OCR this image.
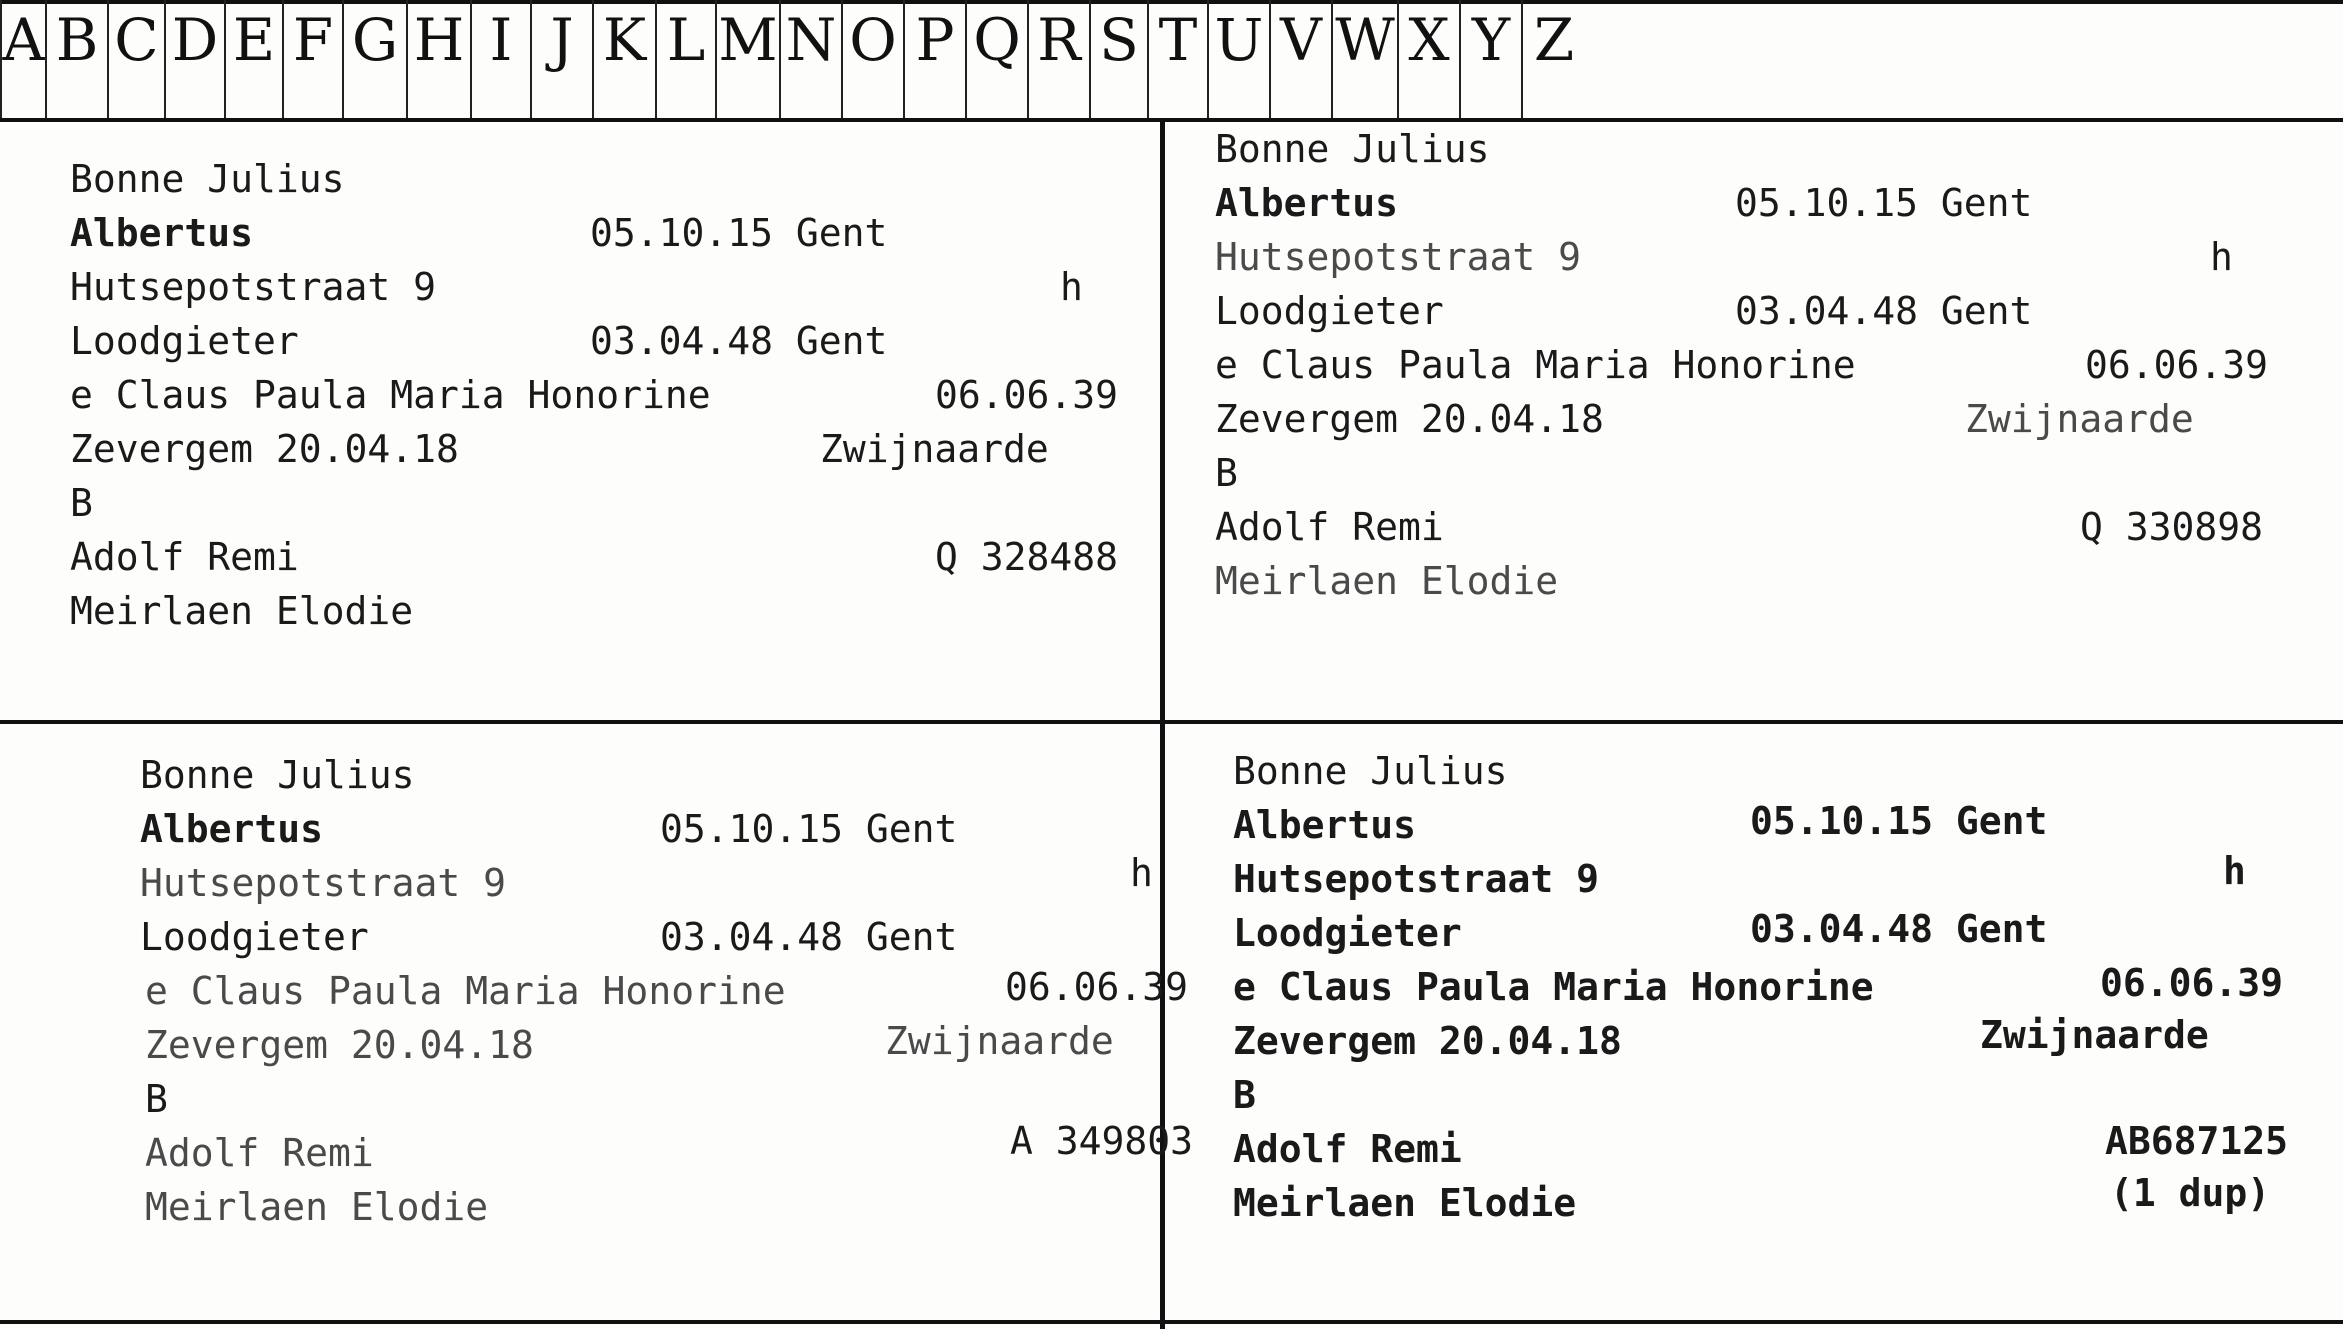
A B C D E F G H I J K L M N O P Q R S T U V W X Y Z
Bonne Julius
Albertus	05.10.15 Gent
Hutsepotstraat 9	h
Loodgieter	03.04.48 Gent
e Claus Paula Maria Honorine	06.06.39
Zevergem 20.04.18	Zwijnaarde
B
Adolf Remi	Q 328488
Meirlaen Elodie
Bonne Julius
Albertus	05.10.15 Gent
Hutsepotstraat 9	h
Loodgieter	03.04.48 Gent
e Claus Paula Maria Honorine	06.06.39
Zevergem 20.04.18	Zwijnaarde
B
Adolf Remi	Q 330898
Meirlaen Elodie
Bonne Julius
Albertus	05.10.15 Gent
Hutsepotstraat 9	h
Loodgieter	03.04.48 Gent
e Claus Paula Maria Honorine	06.06.39
Zevergem 20.04.18	Zwijnaarde
B
Adolf Remi	A 349803
Meirlaen Elodie
Bonne Julius
Albertus	05.10.15 Gent
Hutsepotstraat 9	h
Loodgieter	03.04.48 Gent
e Claus Paula Maria Honorine	06.06.39
Zevergem 20.04.18	Zwijnaarde
B
Adolf Remi	AB687125
Meirlaen Elodie	(1 dup)
